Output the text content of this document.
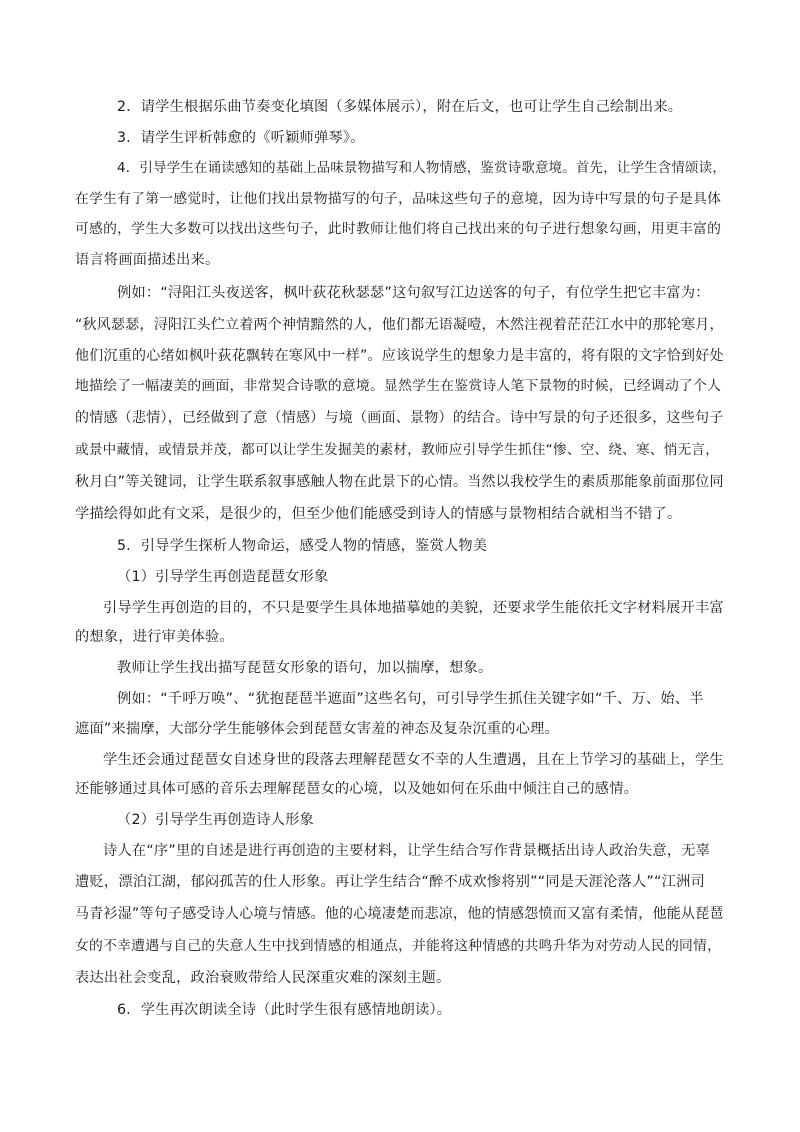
2．请学生根据乐曲节奏变化填图（多媒体展示），附在后文，也可让学生自己绘制出来。
3．请学生评析韩愈的《听颖师弹琴》。
4．引导学生在诵读感知的基础上品味景物描写和人物情感，鉴赏诗歌意境。首先，让学生含情颂读，
在学生有了第一感觉时，让他们找出景物描写的句子，品味这些句子的意境，因为诗中写景的句子是具体
可感的，学生大多数可以找出这些句子，此时教师让他们将自己找出来的句子进行想象勾画，用更丰富的
语言将画面描述出来。
例如：“浔阳江头夜送客，枫叶荻花秋瑟瑟”这句叙写江边送客的句子，有位学生把它丰富为：
“秋风瑟瑟，浔阳江头伫立着两个神情黯然的人，他们都无语凝噎，木然注视着茫茫江水中的那轮寒月，
他们沉重的心绪如枫叶荻花飘转在寒风中一样”。应该说学生的想象力是丰富的，将有限的文字恰到好处
地描绘了一幅凄美的画面，非常契合诗歌的意境。显然学生在鉴赏诗人笔下景物的时候，已经调动了个人
的情感（悲情），已经做到了意（情感）与境（画面、景物）的结合。诗中写景的句子还很多，这些句子
或景中藏情，或情景并茂，都可以让学生发掘美的素材，教师应引导学生抓住“惨、空、绕、寒、悄无言，
秋月白”等关键词，让学生联系叙事感触人物在此景下的心情。当然以我校学生的素质那能象前面那位同
学描绘得如此有文采，是很少的，但至少他们能感受到诗人的情感与景物相结合就相当不错了。
5．引导学生探析人物命运，感受人物的情感，鉴赏人物美
（1）引导学生再创造琵琶女形象
引导学生再创造的目的，不只是要学生具体地描摹她的美貌，还要求学生能依托文字材料展开丰富
的想象，进行审美体验。
教师让学生找出描写琵琶女形象的语句，加以揣摩，想象。
例如：“千呼万唤”、“犹抱琵琶半遮面”这些名句，可引导学生抓住关键字如“千、万、始、半
遮面”来揣摩，大部分学生能够体会到琵琶女害羞的神态及复杂沉重的心理。
学生还会通过琵琶女自述身世的段落去理解琵琶女不幸的人生遭遇，且在上节学习的基础上，学生
还能够通过具体可感的音乐去理解琵琶女的心境，以及她如何在乐曲中倾注自己的感情。
（2）引导学生再创造诗人形象
诗人在“序”里的自述是进行再创造的主要材料，让学生结合写作背景概括出诗人政治失意，无辜
遭贬，漂泊江湖，郁闷孤苦的仕人形象。再让学生结合“醉不成欢惨将别”“同是天涯沦落人”“江洲司
马青衫湿”等句子感受诗人心境与情感。他的心境凄楚而悲凉，他的情感怨愤而又富有柔情，他能从琵琶
女的不幸遭遇与自己的失意人生中找到情感的相通点，并能将这种情感的共鸣升华为对劳动人民的同情，
表达出社会变乱，政治衰败带给人民深重灾难的深刻主题。
6．学生再次朗读全诗（此时学生很有感情地朗读）。
